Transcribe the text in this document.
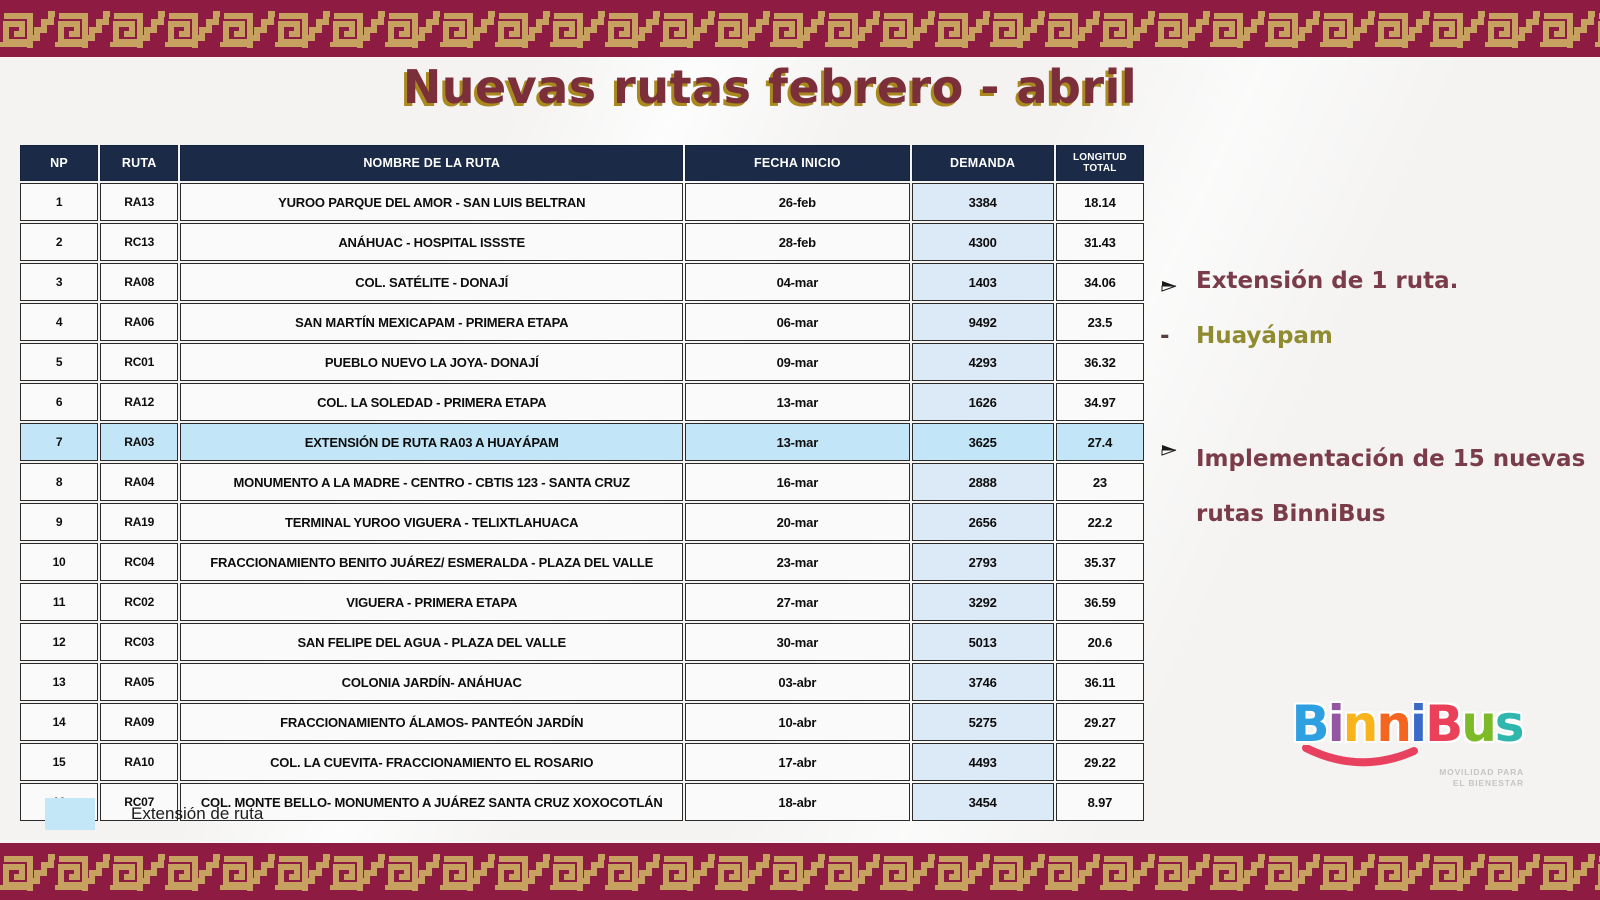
Nuevas rutas febrero - abril
NP	RUTA	NOMBRE DE LA RUTA	FECHA INICIO	DEMANDA	LONGITUD TOTAL
1	RA13	YUROO PARQUE DEL AMOR - SAN LUIS BELTRAN	26-feb	3384	18.14
2	RC13	ANÁHUAC - HOSPITAL ISSSTE	28-feb	4300	31.43
3	RA08	COL. SATÉLITE - DONAJÍ	04-mar	1403	34.06
4	RA06	SAN MARTÍN MEXICAPAM - PRIMERA ETAPA	06-mar	9492	23.5
5	RC01	PUEBLO NUEVO LA JOYA- DONAJÍ	09-mar	4293	36.32
6	RA12	COL. LA SOLEDAD - PRIMERA ETAPA	13-mar	1626	34.97
7	RA03	EXTENSIÓN DE RUTA RA03 A HUAYÁPAM	13-mar	3625	27.4
8	RA04	MONUMENTO A LA MADRE - CENTRO - CBTIS 123 - SANTA CRUZ	16-mar	2888	23
9	RA19	TERMINAL YUROO VIGUERA - TELIXTLAHUACA	20-mar	2656	22.2
10	RC04	FRACCIONAMIENTO BENITO JUÁREZ/ ESMERALDA - PLAZA DEL VALLE	23-mar	2793	35.37
11	RC02	VIGUERA - PRIMERA ETAPA	27-mar	3292	36.59
12	RC03	SAN FELIPE DEL AGUA - PLAZA DEL VALLE	30-mar	5013	20.6
13	RA05	COLONIA JARDÍN- ANÁHUAC	03-abr	3746	36.11
14	RA09	FRACCIONAMIENTO ÁLAMOS- PANTEÓN JARDÍN	10-abr	5275	29.27
15	RA10	COL. LA CUEVITA- FRACCIONAMIENTO EL ROSARIO	17-abr	4493	29.22
	RC07	COL. MONTE BELLO- MONUMENTO A JUÁREZ SANTA CRUZ XOXOCOTLÁN	18-abr	3454	8.97
Extensión de ruta
Extensión de 1 ruta.
-	Huayápam
Implementación de 15 nuevas rutas BinniBus
BinniBus
MOVILIDAD PARA
EL BIENESTAR
